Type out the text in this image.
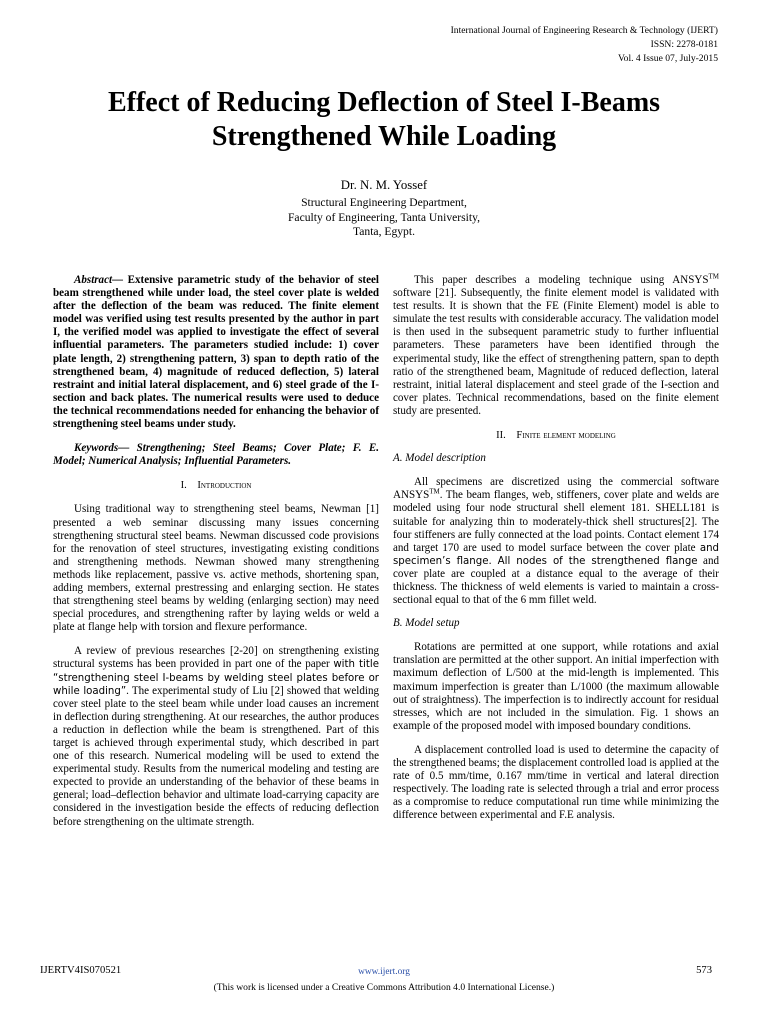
International Journal of Engineering Research & Technology (IJERT)
ISSN: 2278-0181
Vol. 4 Issue 07, July-2015
Effect of Reducing Deflection of Steel I-Beams
Strengthened While Loading
Dr. N. M. Yossef
Structural Engineering Department,
Faculty of Engineering, Tanta University,
Tanta, Egypt.

Abstract— Extensive parametric study of the behavior of steel beam strengthened while under load, the steel cover plate is welded after the deflection of the beam was reduced. The finite element model was verified using test results presented by the author in part I, the verified model was applied to investigate the effect of several influential parameters. The parameters studied include: 1) cover plate length, 2) strengthening pattern, 3) span to depth ratio of the strengthened beam, 4) magnitude of reduced deflection, 5) lateral restraint and initial lateral displacement, and 6) steel grade of the I-section and back plates. The numerical results were used to deduce the technical recommendations needed for enhancing the behavior of strengthening steel beams under study.

Keywords— Strengthening; Steel Beams; Cover Plate; F. E. Model; Numerical Analysis; Influential Parameters.

I. Introduction

Using traditional way to strengthening steel beams, Newman [1] presented a web seminar discussing many issues concerning strengthening structural steel beams. Newman discussed code provisions for the renovation of steel structures, investigating existing conditions and strengthening methods. Newman showed many strengthening methods like replacement, passive vs. active methods, shortening span, adding members, external prestressing and enlarging section. He states that strengthening steel beams by welding (enlarging section) may need special procedures, and strengthening rafter by laying welds or weld a plate at flange help with torsion and flexure performance.

A review of previous researches [2-20] on strengthening existing structural systems has been provided in part one of the paper with title “strengthening steel I-beams by welding steel plates before or while loading”. The experimental study of Liu [2] showed that welding cover steel plate to the steel beam while under load causes an increment in deflection during strengthening. At our researches, the author produces a reduction in deflection while the beam is strengthened. Part of this target is achieved through experimental study, which described in part one of this research. Numerical modeling will be used to extend the experimental study. Results from the numerical modeling and testing are expected to provide an understanding of the behavior of these beams in general; load–deflection behavior and ultimate load-carrying capacity are considered in the investigation beside the effects of reducing deflection before strengthening on the ultimate strength.

This paper describes a modeling technique using ANSYS™ software [21]. Subsequently, the finite element model is validated with test results. It is shown that the FE (Finite Element) model is able to simulate the test results with considerable accuracy. The validation model is then used in the subsequent parametric study to further influential parameters. These parameters have been identified through the experimental study, like the effect of strengthening pattern, span to depth ratio of the strengthened beam, Magnitude of reduced deflection, lateral restraint, initial lateral displacement and steel grade of the I-section and cover plates. Technical recommendations, based on the finite element study are presented.

II. Finite element modeling

A. Model description

All specimens are discretized using the commercial software ANSYS™. The beam flanges, web, stiffeners, cover plate and welds are modeled using four node structural shell element 181. SHELL181 is suitable for analyzing thin to moderately-thick shell structures[2]. The four stiffeners are fully connected at the load points. Contact element 174 and target 170 are used to model surface between the cover plate and specimen’s flange. All nodes of the strengthened flange and cover plate are coupled at a distance equal to the average of their thickness. The thickness of weld elements is varied to maintain a cross-sectional equal to that of the 6 mm fillet weld.

B. Model setup

Rotations are permitted at one support, while rotations and axial translation are permitted at the other support. An initial imperfection with maximum deflection of L/500 at the mid-length is implemented. This maximum imperfection is greater than L/1000 (the maximum allowable out of straightness). The imperfection is to indirectly account for residual stresses, which are not included in the simulation. Fig. 1 shows an example of the proposed model with imposed boundary conditions.

A displacement controlled load is used to determine the capacity of the strengthened beams; the displacement controlled load is applied at the rate of 0.5 mm/time, 0.167 mm/time in vertical and lateral direction respectively. The loading rate is selected through a trial and error process as a compromise to reduce computational run time while minimizing the difference between experimental and F.E analysis.

IJERTV4IS070521	www.ijert.org	573
(This work is licensed under a Creative Commons Attribution 4.0 International License.)
